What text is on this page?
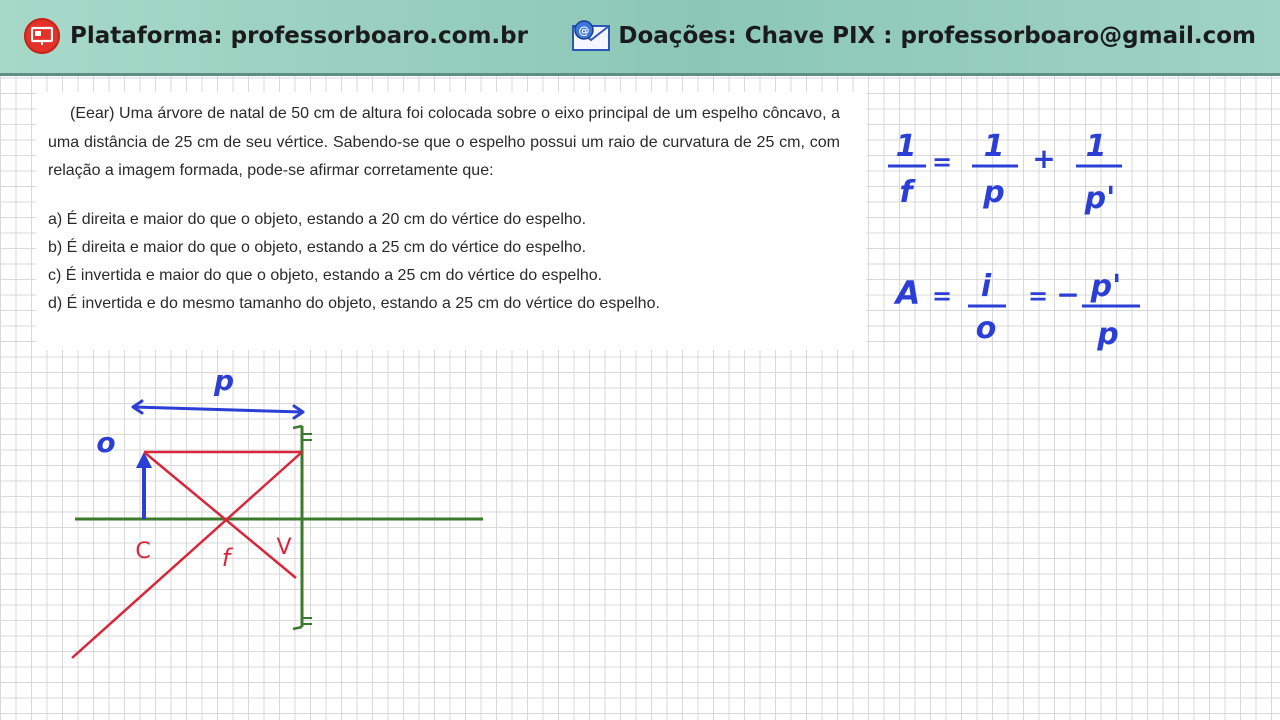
Plataforma: professorboaro.com.br	@ Doações: Chave PIX : professorboaro@gmail.com

(Eear) Uma árvore de natal de 50 cm de altura foi colocada sobre o eixo principal de um espelho côncavo, a uma distância de 25 cm de seu vértice. Sabendo-se que o espelho possui um raio de curvatura de 25 cm, com relação a imagem formada, pode-se afirmar corretamente que:

a) É direita e maior do que o objeto, estando a 20 cm do vértice do espelho.

b) É direita e maior do que o objeto, estando a 25 cm do vértice do espelho.

c) É invertida e maior do que o objeto, estando a 25 cm do vértice do espelho.

d) É invertida e do mesmo tamanho do objeto, estando a 25 cm do vértice do espelho.

1
f
= 1
p
+ 1
p'
A = i
o
= − p'
p
p
o
C	f V
